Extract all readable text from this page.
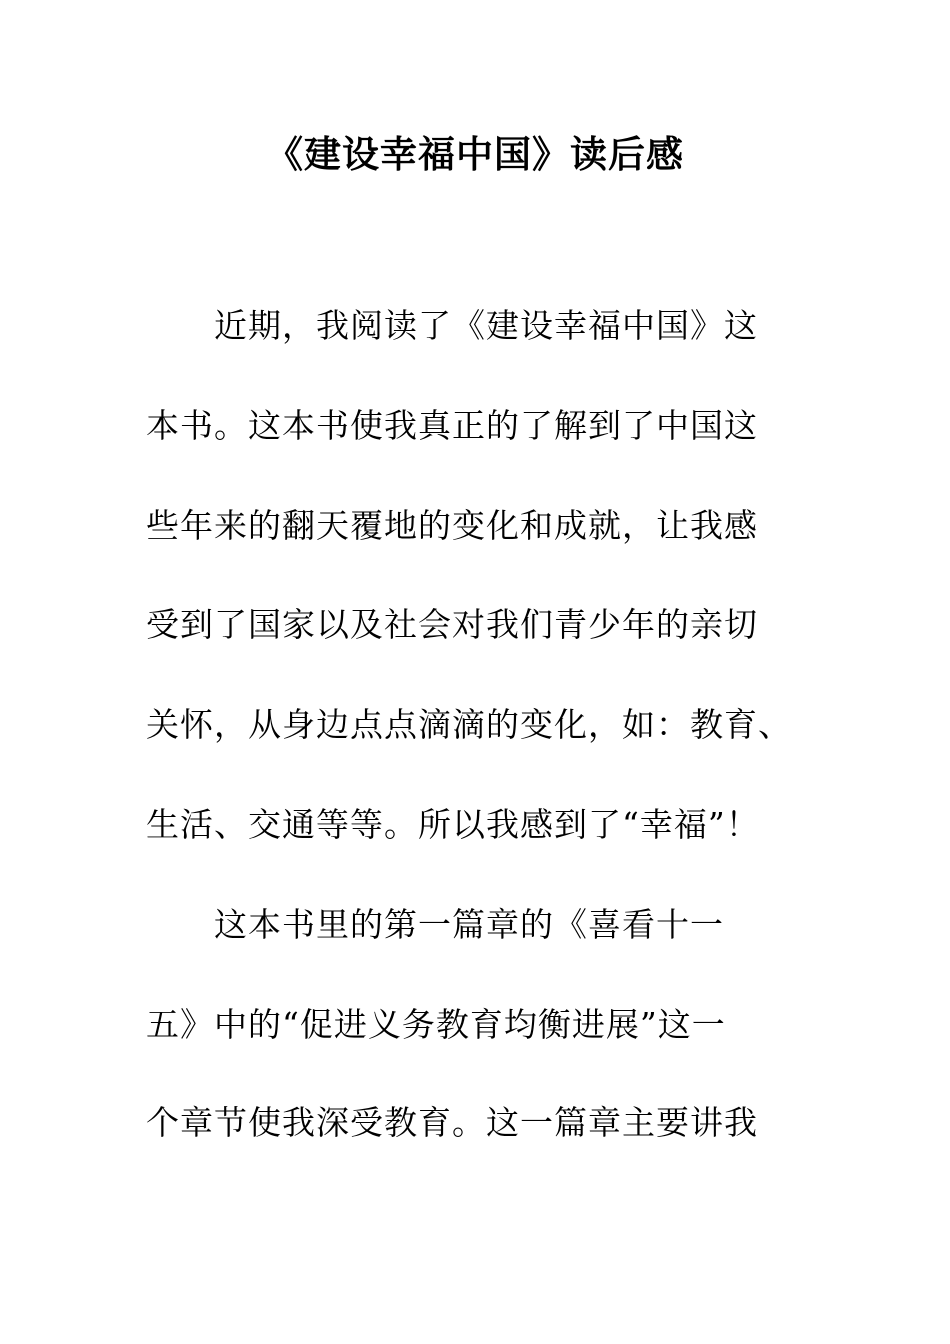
《建设幸福中国》读后感
近期，我阅读了《建设幸福中国》这
本书。这本书使我真正的了解到了中国这
些年来的翻天覆地的变化和成就，让我感
受到了国家以及社会对我们青少年的亲切
关怀，从身边点点滴滴的变化，如：教育、
生活、交通等等。所以我感到了“幸福”！
这本书里的第一篇章的《喜看十一
五》中的“促进义务教育均衡进展”这一
个章节使我深受教育。这一篇章主要讲我
